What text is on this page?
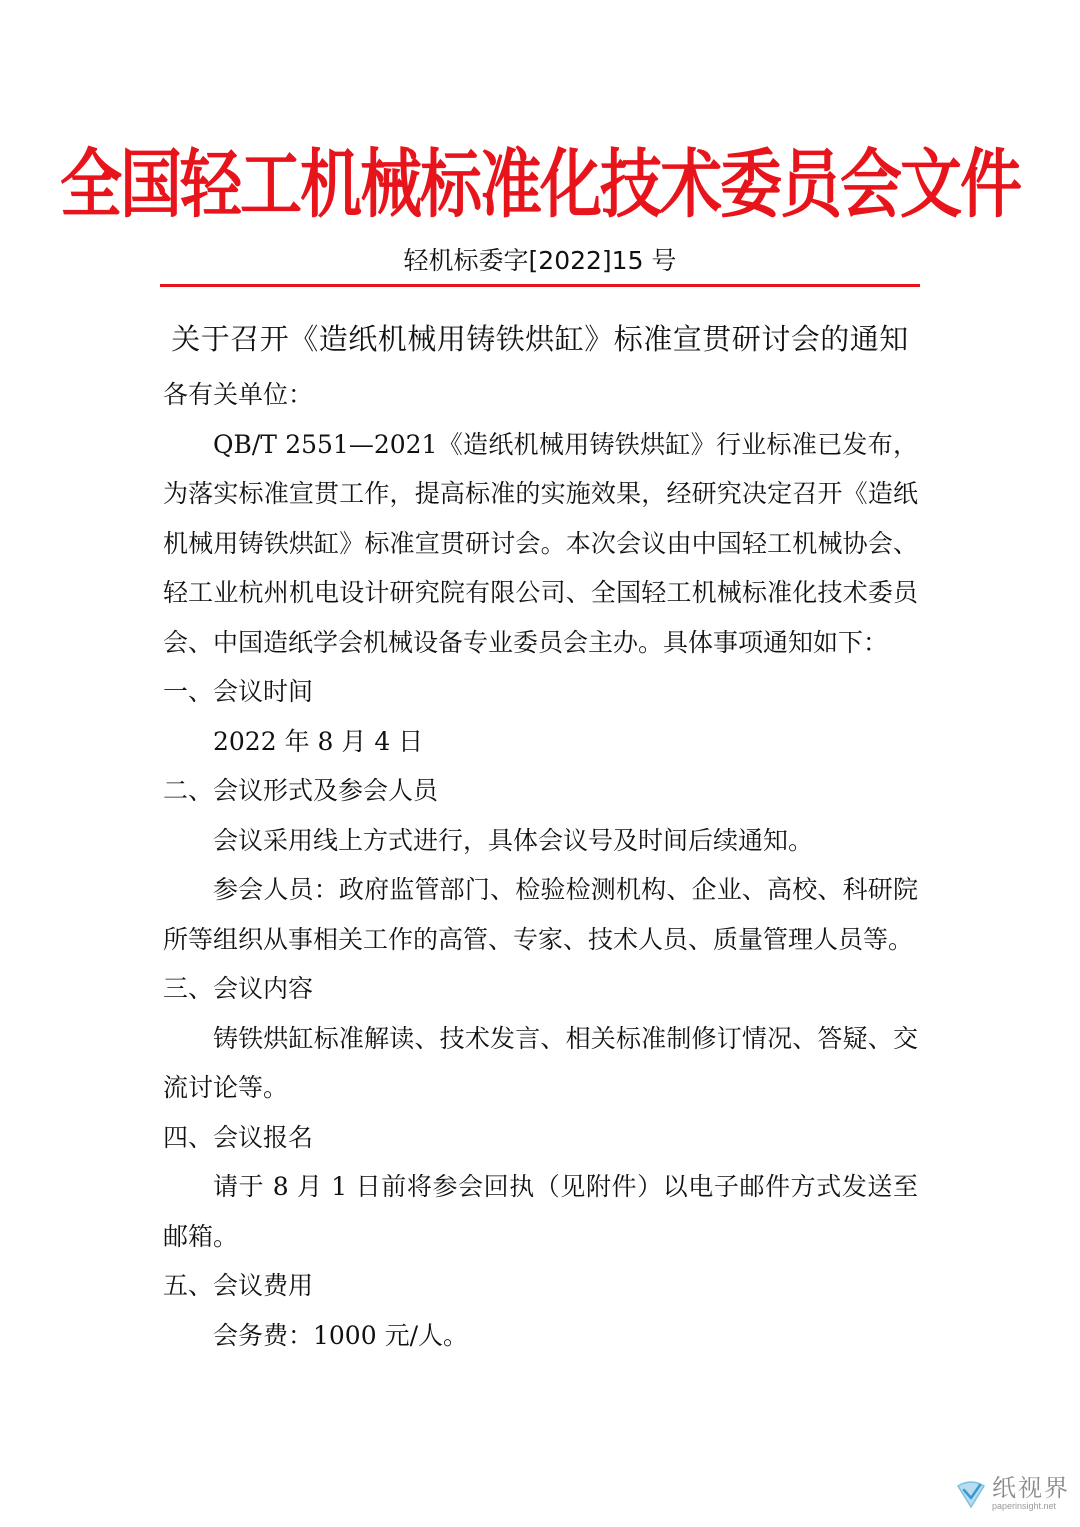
全国轻工机械标准化技术委员会文件
轻机标委字[2022]15 号
关于召开《造纸机械用铸铁烘缸》标准宣贯研讨会的通知

各有关单位：

QB/T 2551—2021《造纸机械用铸铁烘缸》行业标准已发布，为落实标准宣贯工作，提高标准的实施效果，经研究决定召开《造纸机械用铸铁烘缸》标准宣贯研讨会。本次会议由中国轻工机械协会、轻工业杭州机电设计研究院有限公司、全国轻工机械标准化技术委员会、中国造纸学会机械设备专业委员会主办。具体事项通知如下：

一、会议时间

2022 年 8 月 4 日

二、会议形式及参会人员

会议采用线上方式进行，具体会议号及时间后续通知。

参会人员：政府监管部门、检验检测机构、企业、高校、科研院所等组织从事相关工作的高管、专家、技术人员、质量管理人员等。

三、会议内容

铸铁烘缸标准解读、技术发言、相关标准制修订情况、答疑、交流讨论等。

四、会议报名

请于 8 月 1 日前将参会回执（见附件）以电子邮件方式发送至邮箱。

五、会议费用

会务费：1000 元/人。

纸视界
paperinsight.net
